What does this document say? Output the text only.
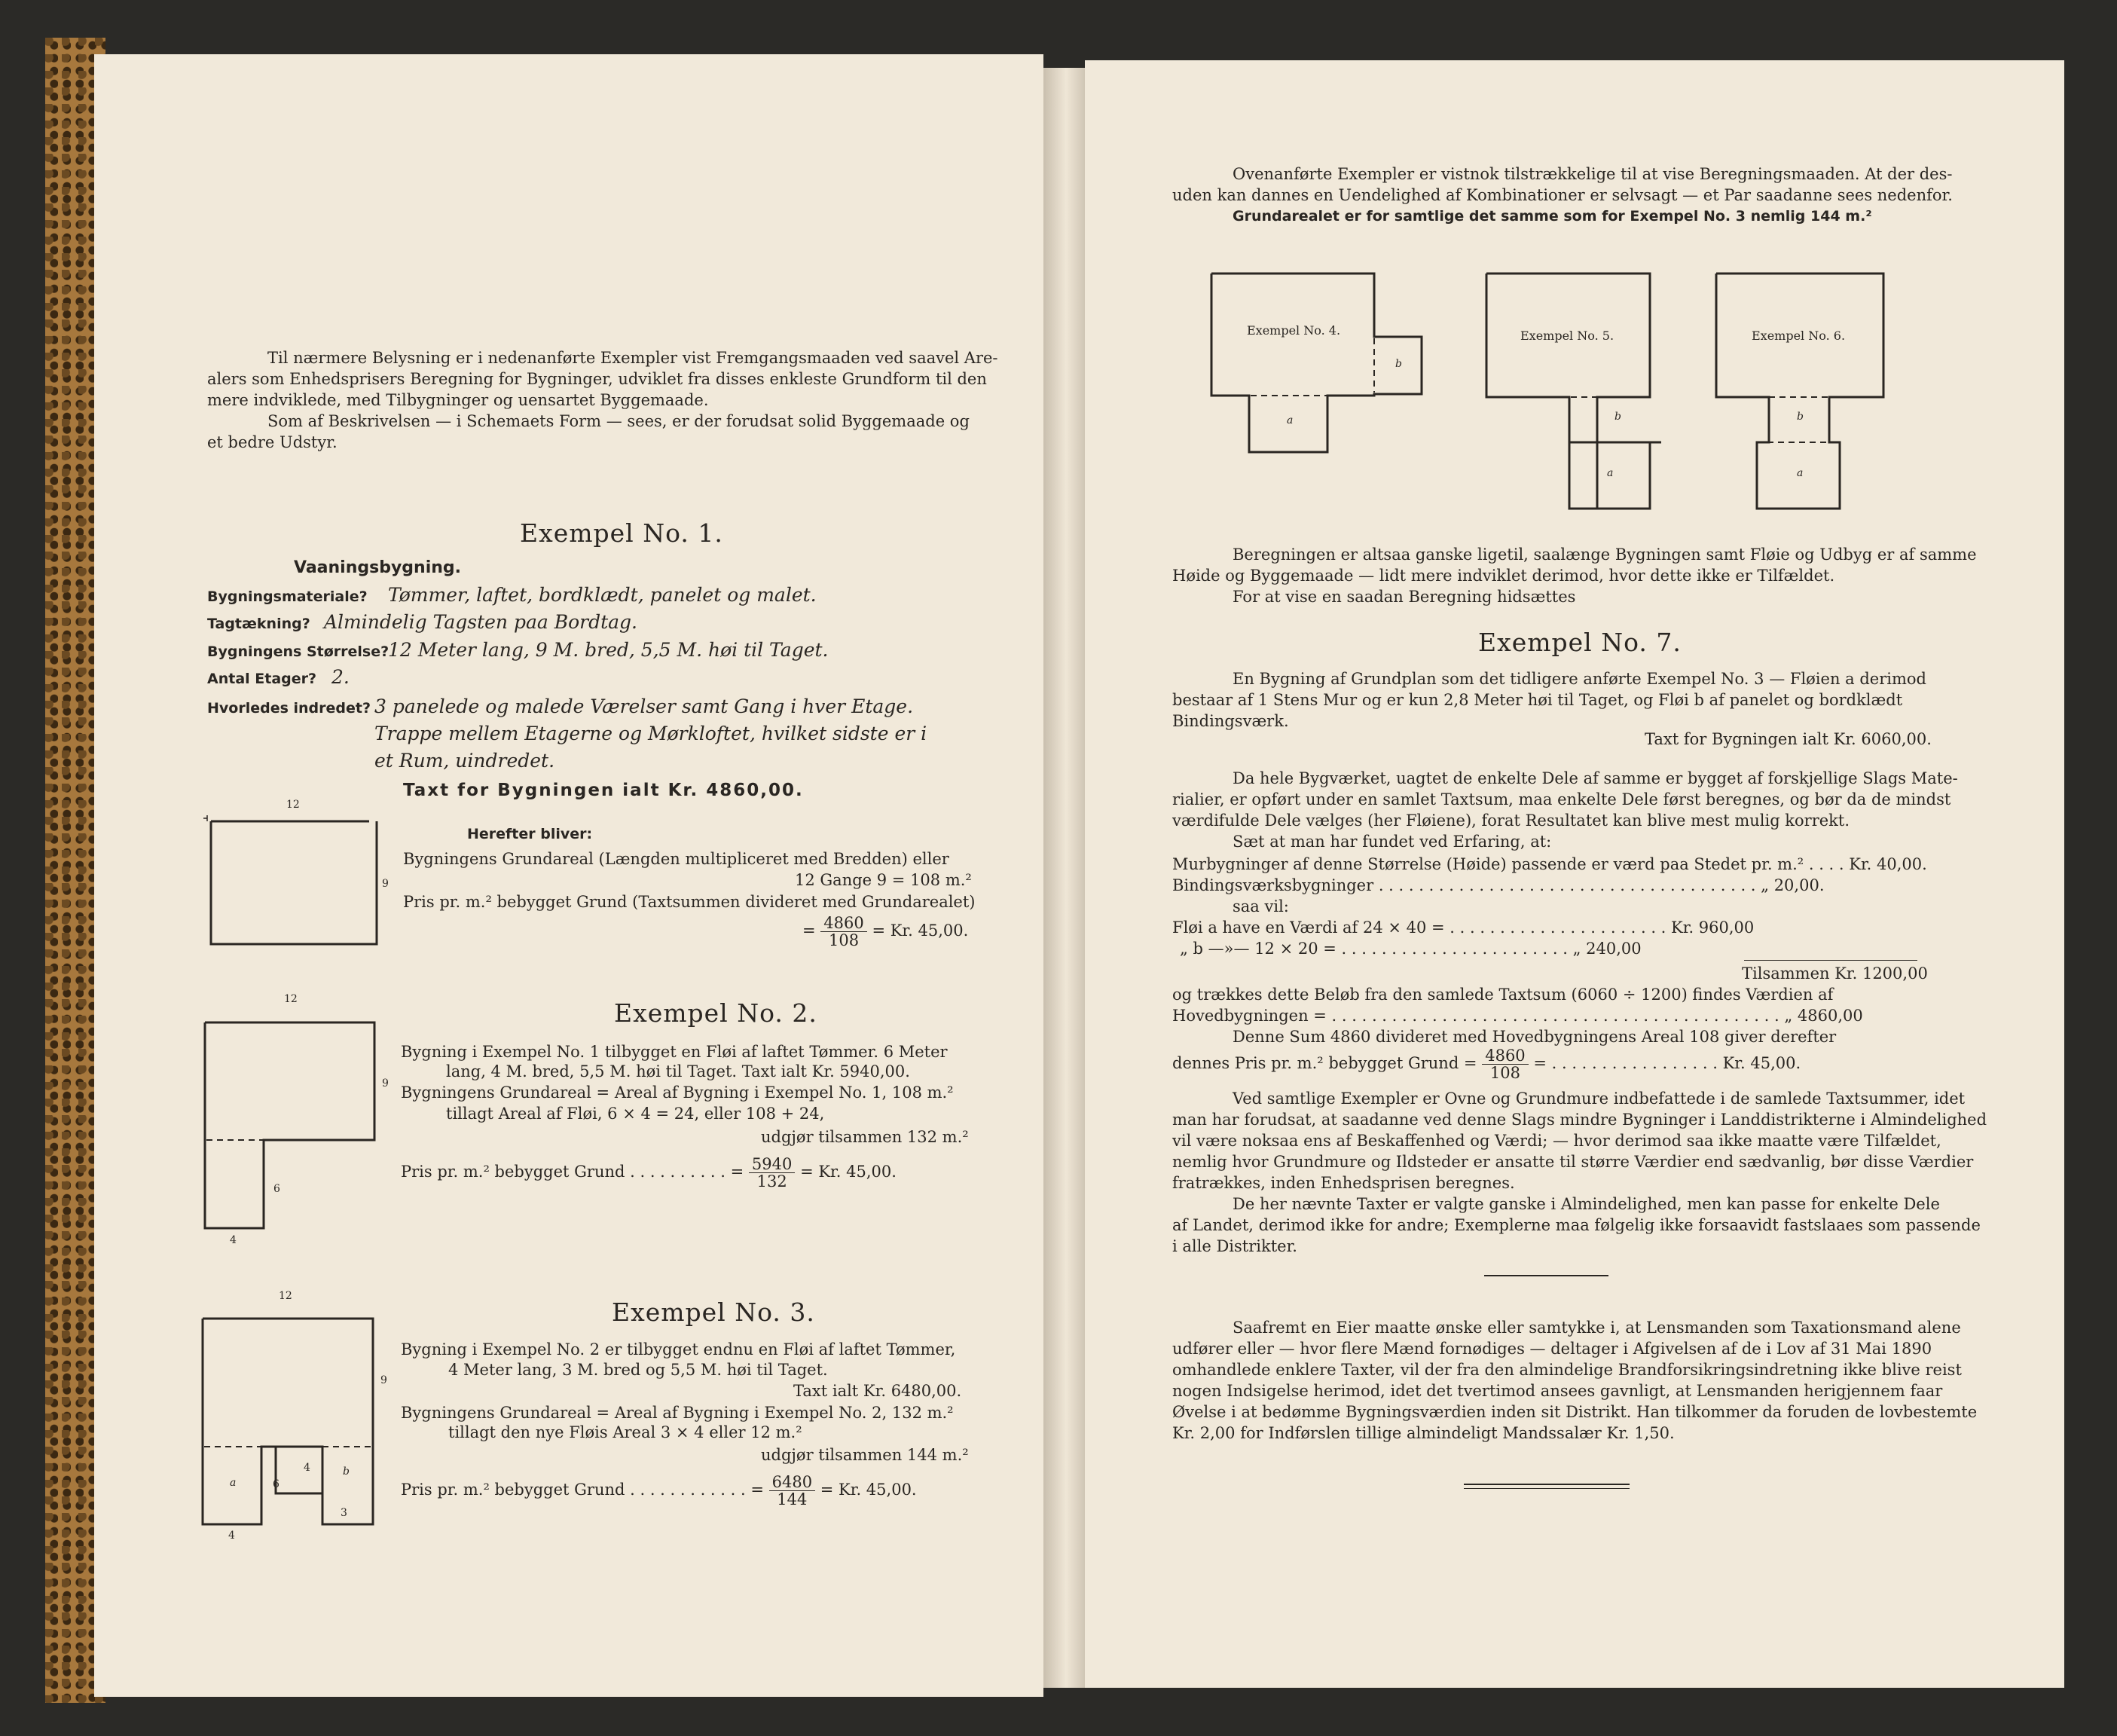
Til nærmere Belysning er i nedenanførte Exempler vist Fremgangsmaaden ved saavel Are-
alers som Enhedsprisers Beregning for Bygninger, udviklet fra disses enkleste Grundform til den
mere indviklede, med Tilbygninger og uensartet Byggemaade.
Som af Beskrivelsen — i Schemaets Form — sees, er der forudsat solid Byggemaade og
et bedre Udstyr.
Exempel No. 1.
Vaaningsbygning.
Bygningsmateriale? Tømmer, laftet, bordklædt, panelet og malet.
Tagtækning? Almindelig Tagsten paa Bordtag.
Bygningens Størrelse?
12 Meter lang, 9 M. bred, 5,5 M. høi til Taget.
Antal Etager? 2.
Hvorledes indredet? 3 panelede og malede Værelser samt Gang i hver Etage.
Trappe mellem Etagerne og Mørkloftet, hvilket sidste er i
et Rum, uindredet.
Taxt for Bygningen ialt Kr. 4860,00.
12
9
Herefter bliver:
Bygningens Grundareal (Længden multipliceret med Bredden) eller
12 Gange 9 = 108 m.²
Pris pr. m.² bebygget Grund (Taxtsummen divideret med Grundarealet)
= $\frac{4860}{108} = Kr$. 45,00.
Exempel No. 2.
12
9
6
4
Bygning i Exempel No. 1 tilbygget en Fløi af laftet Tømmer. 6 Meter
lang, 4 M. bred, 5,5 M. høi til Taget. Taxt ialt Kr. 5940,00.
Bygningens Grundareal = Areal af Bygning i Exempel No. 1, 108 m.²
tillagt Areal af Fløi, 6 × 4 = 24, eller 108 + 24,
udgjør tilsammen 132 m.²
Pris pr. m.² bebygget Grund . . . . . . . . . . = $\frac{5940}{132} = Kr$. 45,00.
Exempel No. 3.
12
9
a	6
4	b
4
3
Bygning i Exempel No. 2 er tilbygget endnu en Fløi af laftet Tømmer,
4 Meter lang, 3 M. bred og 5,5 M. høi til Taget.
Taxt ialt Kr. 6480,00.
Bygningens Grundareal = Areal af Bygning i Exempel No. 2, 132 m.²
tillagt den nye Fløis Areal 3 × 4 eller 12 m.²
udgjør tilsammen 144 m.²
Pris pr. m.² bebygget Grund . . . . . . . . . . . . = $\frac{6480}{144} = Kr$. 45,00.
Ovenanførte Exempler er vistnok tilstrækkelige til at vise Beregningsmaaden. At der des-
uden kan dannes en Uendelighed af Kombinationer er selvsagt — et Par saadanne sees nedenfor.
Grundarealet er for samtlige det samme som for Exempel No. 3 nemlig 144 m.²
Exempel No. 4.
b
a
Exempel No. 5.
b
a
Exempel No. 6.
b
a
Beregningen er altsaa ganske ligetil, saalænge Bygningen samt Fløie og Udbyg er af samme
Høide og Byggemaade — lidt mere indviklet derimod, hvor dette ikke er Tilfældet.
For at vise en saadan Beregning hidsættes
Exempel No. 7.
En Bygning af Grundplan som det tidligere anførte Exempel No. 3 — Fløien a derimod
bestaar af 1 Stens Mur og er kun 2,8 Meter høi til Taget, og Fløi b af panelet og bordklædt
Bindingsværk.
Taxt for Bygningen ialt Kr. 6060,00.
Da hele Bygværket, uagtet de enkelte Dele af samme er bygget af forskjellige Slags Mate-
rialier, er opført under en samlet Taxtsum, maa enkelte Dele først beregnes, og bør da de mindst
værdifulde Dele vælges (her Fløiene), forat Resultatet kan blive mest mulig korrekt.
Sæt at man har fundet ved Erfaring, at:
Murbygninger af denne Størrelse (Høide) passende er værd paa Stedet pr. m.² . . . . Kr. 40,00.
Bindingsværksbygninger . . . . . . . . . . . . . . . . . . . . . . . . . . . . . . . . . . . . . . „ 20,00.
saa vil:
Fløi a have en Værdi af 24 × 40 = . . . . . . . . . . . . . . . . . . . . . . Kr. 960,00
„ b —»— 12 × 20 = . . . . . . . . . . . . . . . . . . . . . . . „ 240,00
Tilsammen Kr. 1200,00
og trækkes dette Beløb fra den samlede Taxtsum (6060 ÷ 1200) findes Værdien af
Hovedbygningen = . . . . . . . . . . . . . . . . . . . . . . . . . . . . . . . . . . . . . . . . . . . . . „ 4860,00
Denne Sum 4860 divideret med Hovedbygningens Areal 108 giver derefter
dennes Pris pr. m.² bebygget Grund = $\frac{4860}{108}$ = . . . . . . . . . . . . . . . . . Kr. 45,00.
Ved samtlige Exempler er Ovne og Grundmure indbefattede i de samlede Taxtsummer, idet
man har forudsat, at saadanne ved denne Slags mindre Bygninger i Landdistrikterne i Almindelighed
vil være noksaa ens af Beskaffenhed og Værdi; — hvor derimod saa ikke maatte være Tilfældet,
nemlig hvor Grundmure og Ildsteder er ansatte til større Værdier end sædvanlig, bør disse Værdier
fratrækkes, inden Enhedsprisen beregnes.
De her nævnte Taxter er valgte ganske i Almindelighed, men kan passe for enkelte Dele
af Landet, derimod ikke for andre; Exemplerne maa følgelig ikke forsaavidt fastslaaes som passende
i alle Distrikter.
Saafremt en Eier maatte ønske eller samtykke i, at Lensmanden som Taxationsmand alene
udfører eller — hvor flere Mænd fornødiges — deltager i Afgivelsen af de i Lov af 31 Mai 1890
omhandlede enklere Taxter, vil der fra den almindelige Brandforsikringsindretning ikke blive reist
nogen Indsigelse herimod, idet det tvertimod ansees gavnligt, at Lensmanden herigjennem faar
Øvelse i at bedømme Bygningsværdien inden sit Distrikt. Han tilkommer da foruden de lovbestemte
Kr. 2,00 for Indførslen tillige almindeligt Mandssalær Kr. 1,50.
